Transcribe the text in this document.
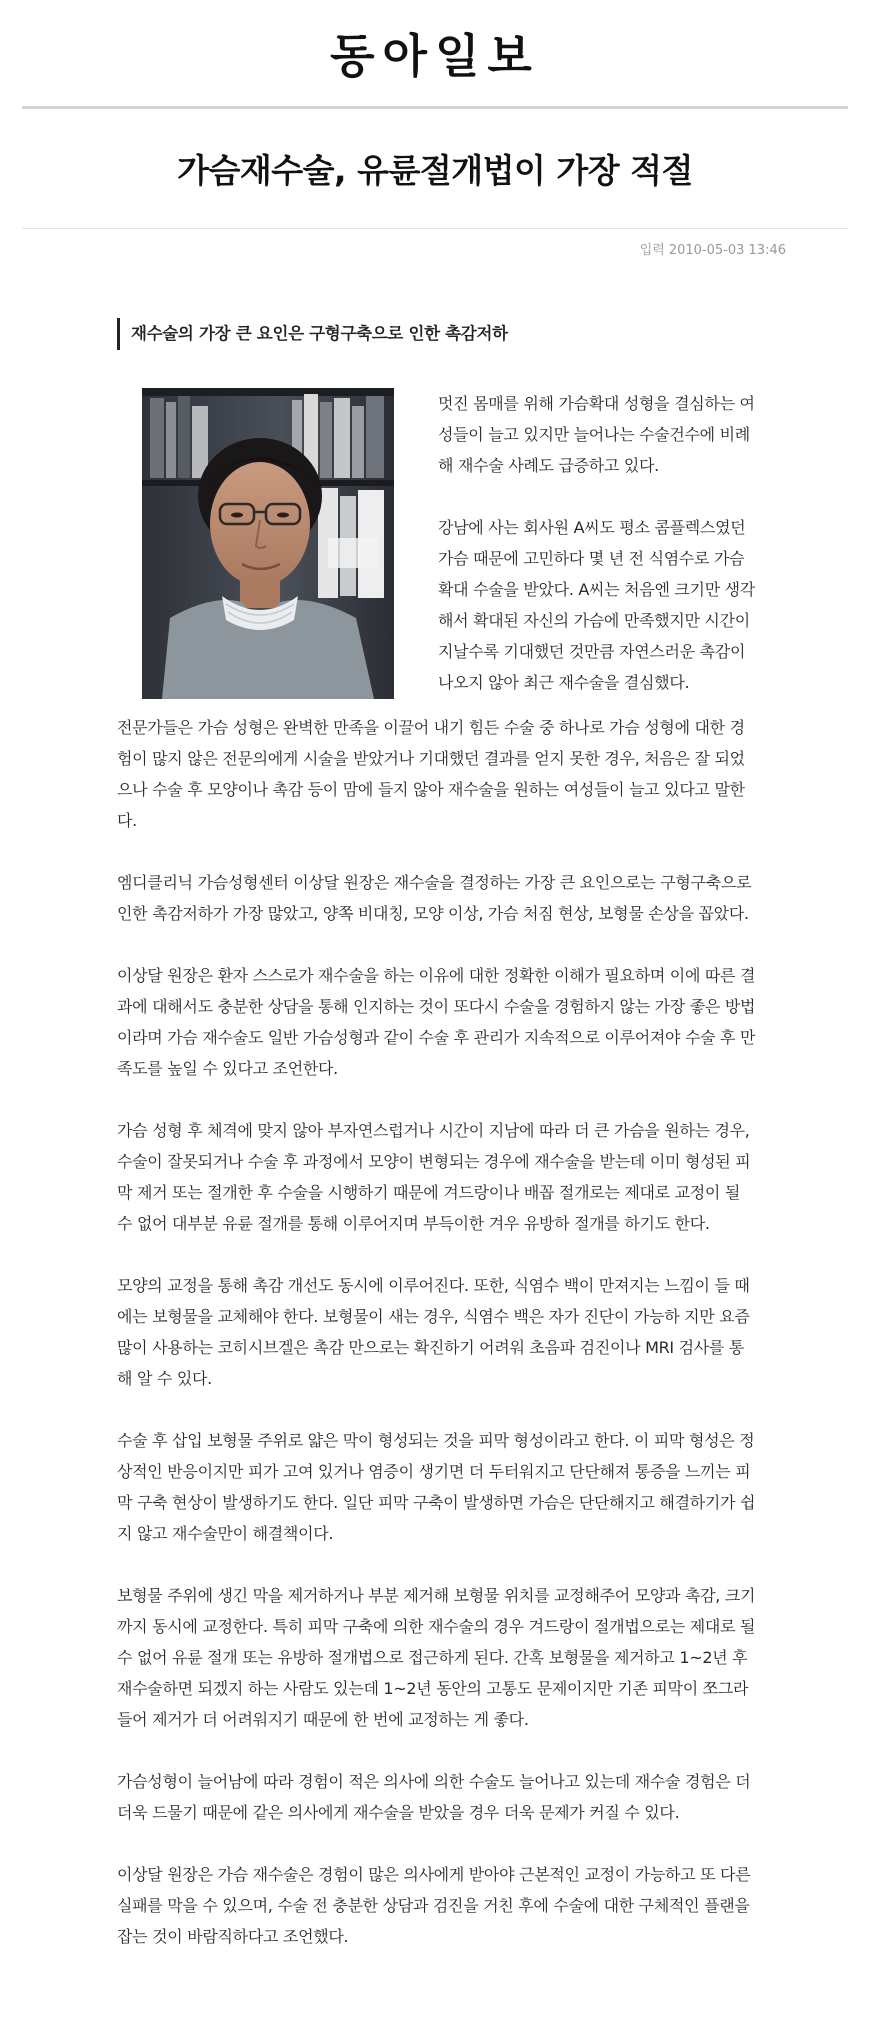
동아일보
가슴재수술, 유륜절개법이 가장 적절
입력 2010-05-03 13:46
재수술의 가장 큰 요인은 구형구축으로 인한 촉감저하

멋진 몸매를 위해 가슴확대 성형을 결심하는 여성들이 늘고 있지만 늘어나는 수술건수에 비례해 재수술 사례도 급증하고 있다.

강남에 사는 회사원 A씨도 평소 콤플렉스였던 가슴 때문에 고민하다 몇 년 전 식염수로 가슴확대 수술을 받았다. A씨는 처음엔 크기만 생각해서 확대된 자신의 가슴에 만족했지만 시간이 지날수록 기대했던 것만큼 자연스러운 촉감이 나오지 않아 최근 재수술을 결심했다.

전문가들은 가슴 성형은 완벽한 만족을 이끌어 내기 힘든 수술 중 하나로 가슴 성형에 대한 경험이 많지 않은 전문의에게 시술을 받았거나 기대했던 결과를 얻지 못한 경우, 처음은 잘 되었으나 수술 후 모양이나 촉감 등이 맘에 들지 않아 재수술을 원하는 여성들이 늘고 있다고 말한다.

엠디클리닉 가슴성형센터 이상달 원장은 재수술을 결정하는 가장 큰 요인으로는 구형구축으로 인한 촉감저하가 가장 많았고, 양쪽 비대칭, 모양 이상, 가슴 처짐 현상, 보형물 손상을 꼽았다.

이상달 원장은 환자 스스로가 재수술을 하는 이유에 대한 정확한 이해가 필요하며 이에 따른 결과에 대해서도 충분한 상담을 통해 인지하는 것이 또다시 수술을 경험하지 않는 가장 좋은 방법이라며 가슴 재수술도 일반 가슴성형과 같이 수술 후 관리가 지속적으로 이루어져야 수술 후 만족도를 높일 수 있다고 조언한다.

가슴 성형 후 체격에 맞지 않아 부자연스럽거나 시간이 지남에 따라 더 큰 가슴을 원하는 경우, 수술이 잘못되거나 수술 후 과정에서 모양이 변형되는 경우에 재수술을 받는데 이미 형성된 피막 제거 또는 절개한 후 수술을 시행하기 때문에 겨드랑이나 배꼽 절개로는 제대로 교정이 될 수 없어 대부분 유륜 절개를 통해 이루어지며 부득이한 겨우 유방하 절개를 하기도 한다.

모양의 교정을 통해 촉감 개선도 동시에 이루어진다. 또한, 식염수 백이 만져지는 느낌이 들 때에는 보형물을 교체해야 한다. 보형물이 새는 경우, 식염수 백은 자가 진단이 가능하 지만 요즘 많이 사용하는 코히시브겔은 촉감 만으로는 확진하기 어려워 초음파 검진이나 MRI 검사를 통해 알 수 있다.

수술 후 삽입 보형물 주위로 얇은 막이 형성되는 것을 피막 형성이라고 한다. 이 피막 형성은 정상적인 반응이지만 피가 고여 있거나 염증이 생기면 더 두터워지고 단단해져 통증을 느끼는 피막 구축 현상이 발생하기도 한다. 일단 피막 구축이 발생하면 가슴은 단단해지고 해결하기가 쉽지 않고 재수술만이 해결책이다.

보형물 주위에 생긴 막을 제거하거나 부분 제거해 보형물 위치를 교정해주어 모양과 촉감, 크기까지 동시에 교정한다. 특히 피막 구축에 의한 재수술의 경우 겨드랑이 절개법으로는 제대로 될 수 없어 유륜 절개 또는 유방하 절개법으로 접근하게 된다. 간혹 보형물을 제거하고 1~2년 후 재수술하면 되겠지 하는 사람도 있는데 1~2년 동안의 고통도 문제이지만 기존 피막이 쪼그라들어 제거가 더 어려워지기 때문에 한 번에 교정하는 게 좋다.

가슴성형이 늘어남에 따라 경험이 적은 의사에 의한 수술도 늘어나고 있는데 재수술 경험은 더더욱 드물기 때문에 같은 의사에게 재수술을 받았을 경우 더욱 문제가 커질 수 있다.

이상달 원장은 가슴 재수술은 경험이 많은 의사에게 받아야 근본적인 교정이 가능하고 또 다른 실패를 막을 수 있으며, 수술 전 충분한 상담과 검진을 거친 후에 수술에 대한 구체적인 플랜을 잡는 것이 바람직하다고 조언했다.
